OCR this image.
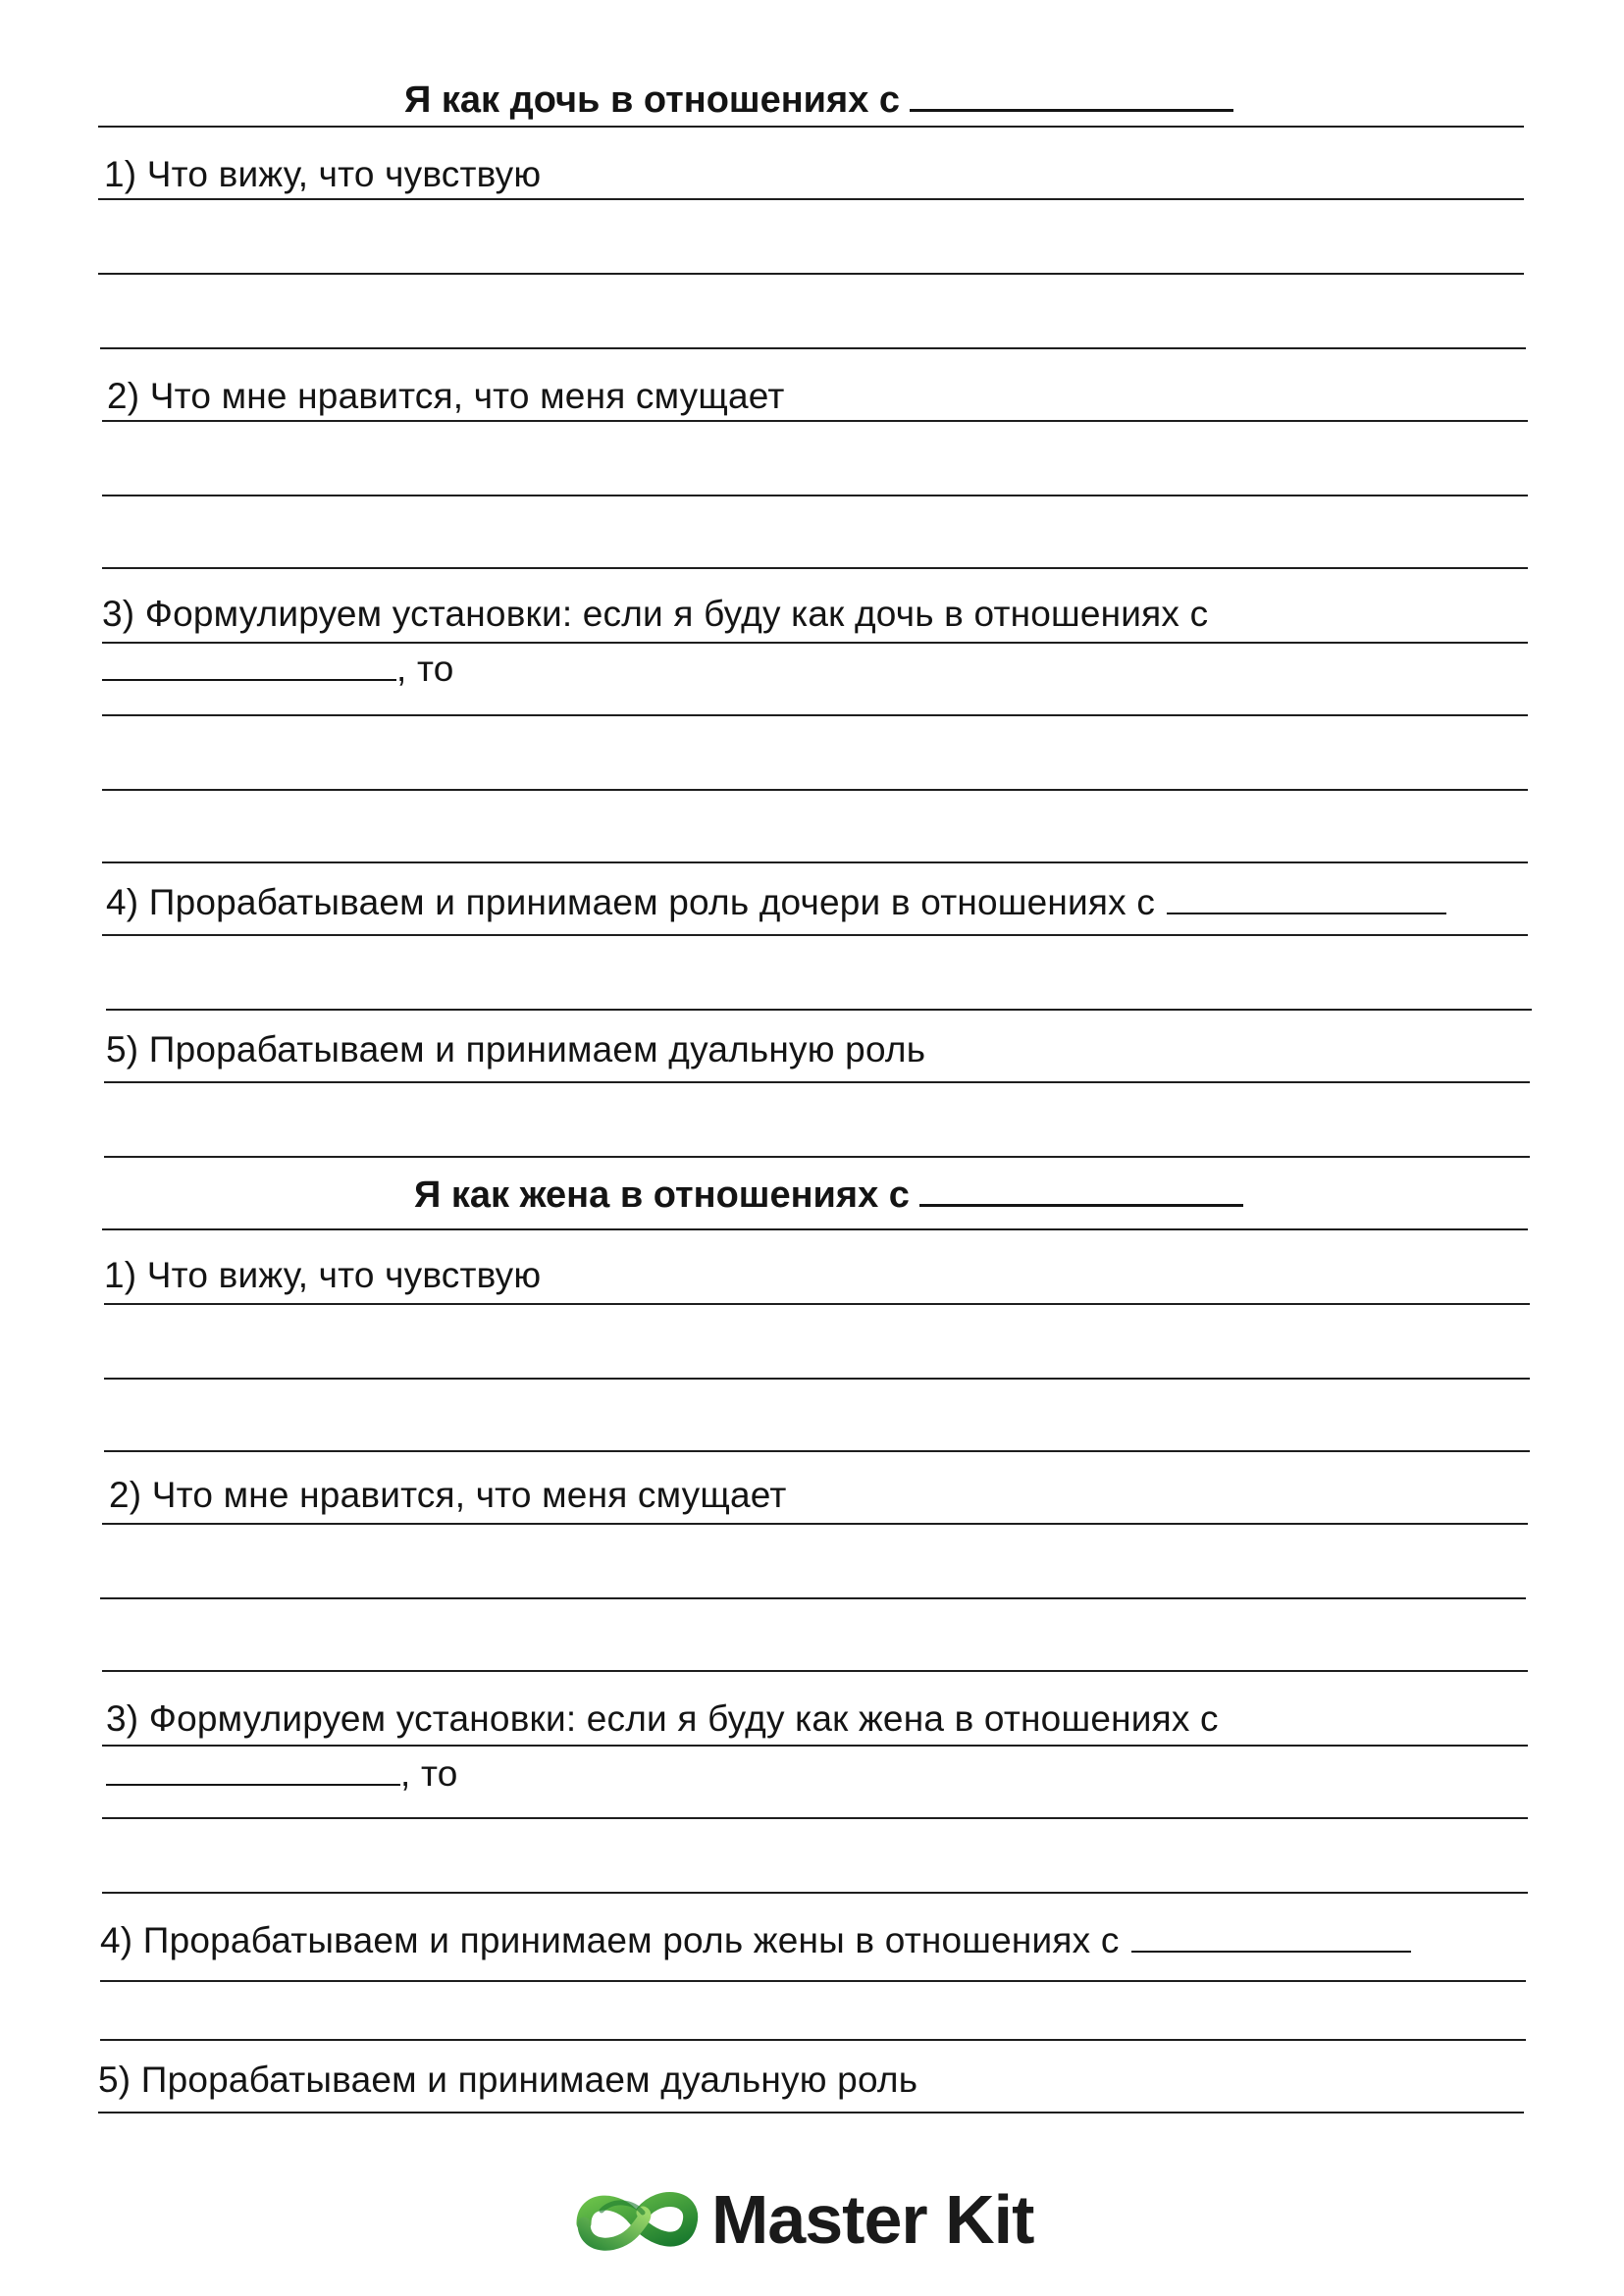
Я как дочь в отношениях с
1) Что вижу, что чувствую
2) Что мне нравится, что меня смущает
3) Формулируем установки: если я буду как дочь в отношениях с
, то
4) Прорабатываем и принимаем роль дочери в отношениях с
5) Прорабатываем и принимаем дуальную роль
Я как жена в отношениях с
1) Что вижу, что чувствую
2) Что мне нравится, что меня смущает
3) Формулируем установки: если я буду как жена в отношениях с
, то
4) Прорабатываем и принимаем роль жены в отношениях с
5) Прорабатываем и принимаем дуальную роль
Master Kit
